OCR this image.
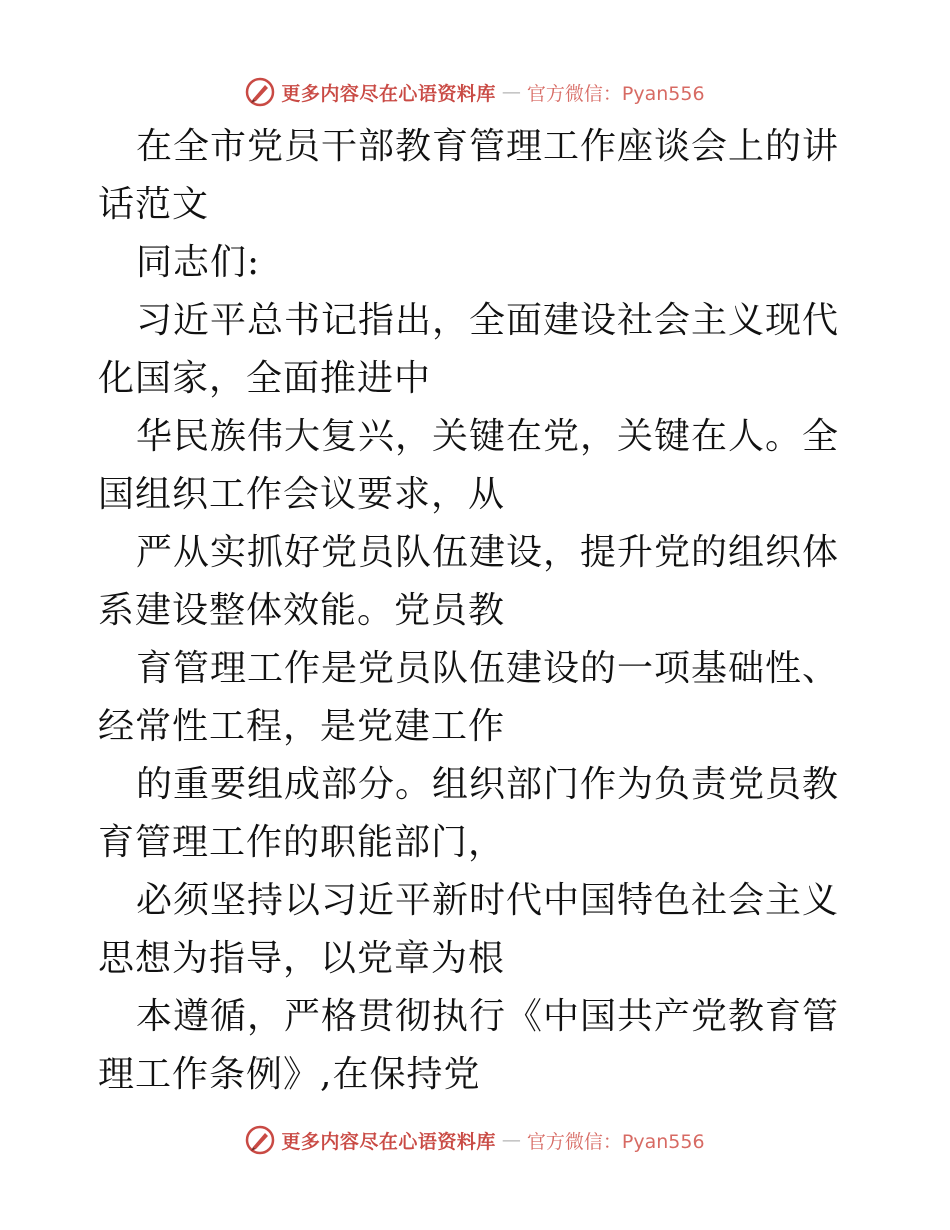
更多内容尽在心语资料库 — 官方微信：Pyan556

在全市党员干部教育管理工作座谈会上的讲话范文

同志们:

习近平总书记指出，全面建设社会主义现代化国家，全面推进中

华民族伟大复兴，关键在党，关键在人。全国组织工作会议要求，从

严从实抓好党员队伍建设，提升党的组织体系建设整体效能。党员教

育管理工作是党员队伍建设的一项基础性、经常性工程，是党建工作

的重要组成部分。组织部门作为负责党员教育管理工作的职能部门，

必须坚持以习近平新时代中国特色社会主义思想为指导，以党章为根

本遵循，严格贯彻执行《中国共产党教育管理工作条例》,在保持党

更多内容尽在心语资料库 — 官方微信：Pyan556
